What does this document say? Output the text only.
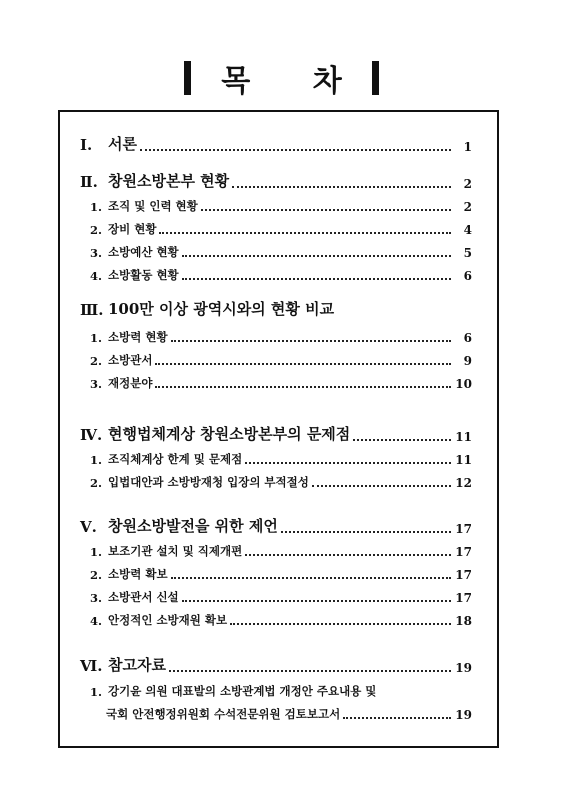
목 차
Ⅰ.	서론	1
Ⅱ. 창원소방본부 현황	2
1. 조직 및 인력 현황	2
2. 장비 현황	4
3. 소방예산 현황	5
4. 소방활동 현황	6
Ⅲ. 100만 이상 광역시와의 현황 비교
1. 소방력 현황	6
2. 소방관서	9
3. 재정분야	10
Ⅳ. 현행법체계상 창원소방본부의 문제점	11
1. 조직체계상 한계 및 문제점	11
2. 입법대안과 소방방재청 입장의 부적절성	12
Ⅴ. 창원소방발전을 위한 제언	17
1. 보조기관 설치 및 직제개편	17
2. 소방력 확보	17
3. 소방관서 신설	17
4. 안정적인 소방재원 확보	18
Ⅵ. 참고자료	19
1. 강기윤 의원 대표발의 소방관계법 개정안 주요내용 및
국회 안전행정위원회 수석전문위원 검토보고서	19
